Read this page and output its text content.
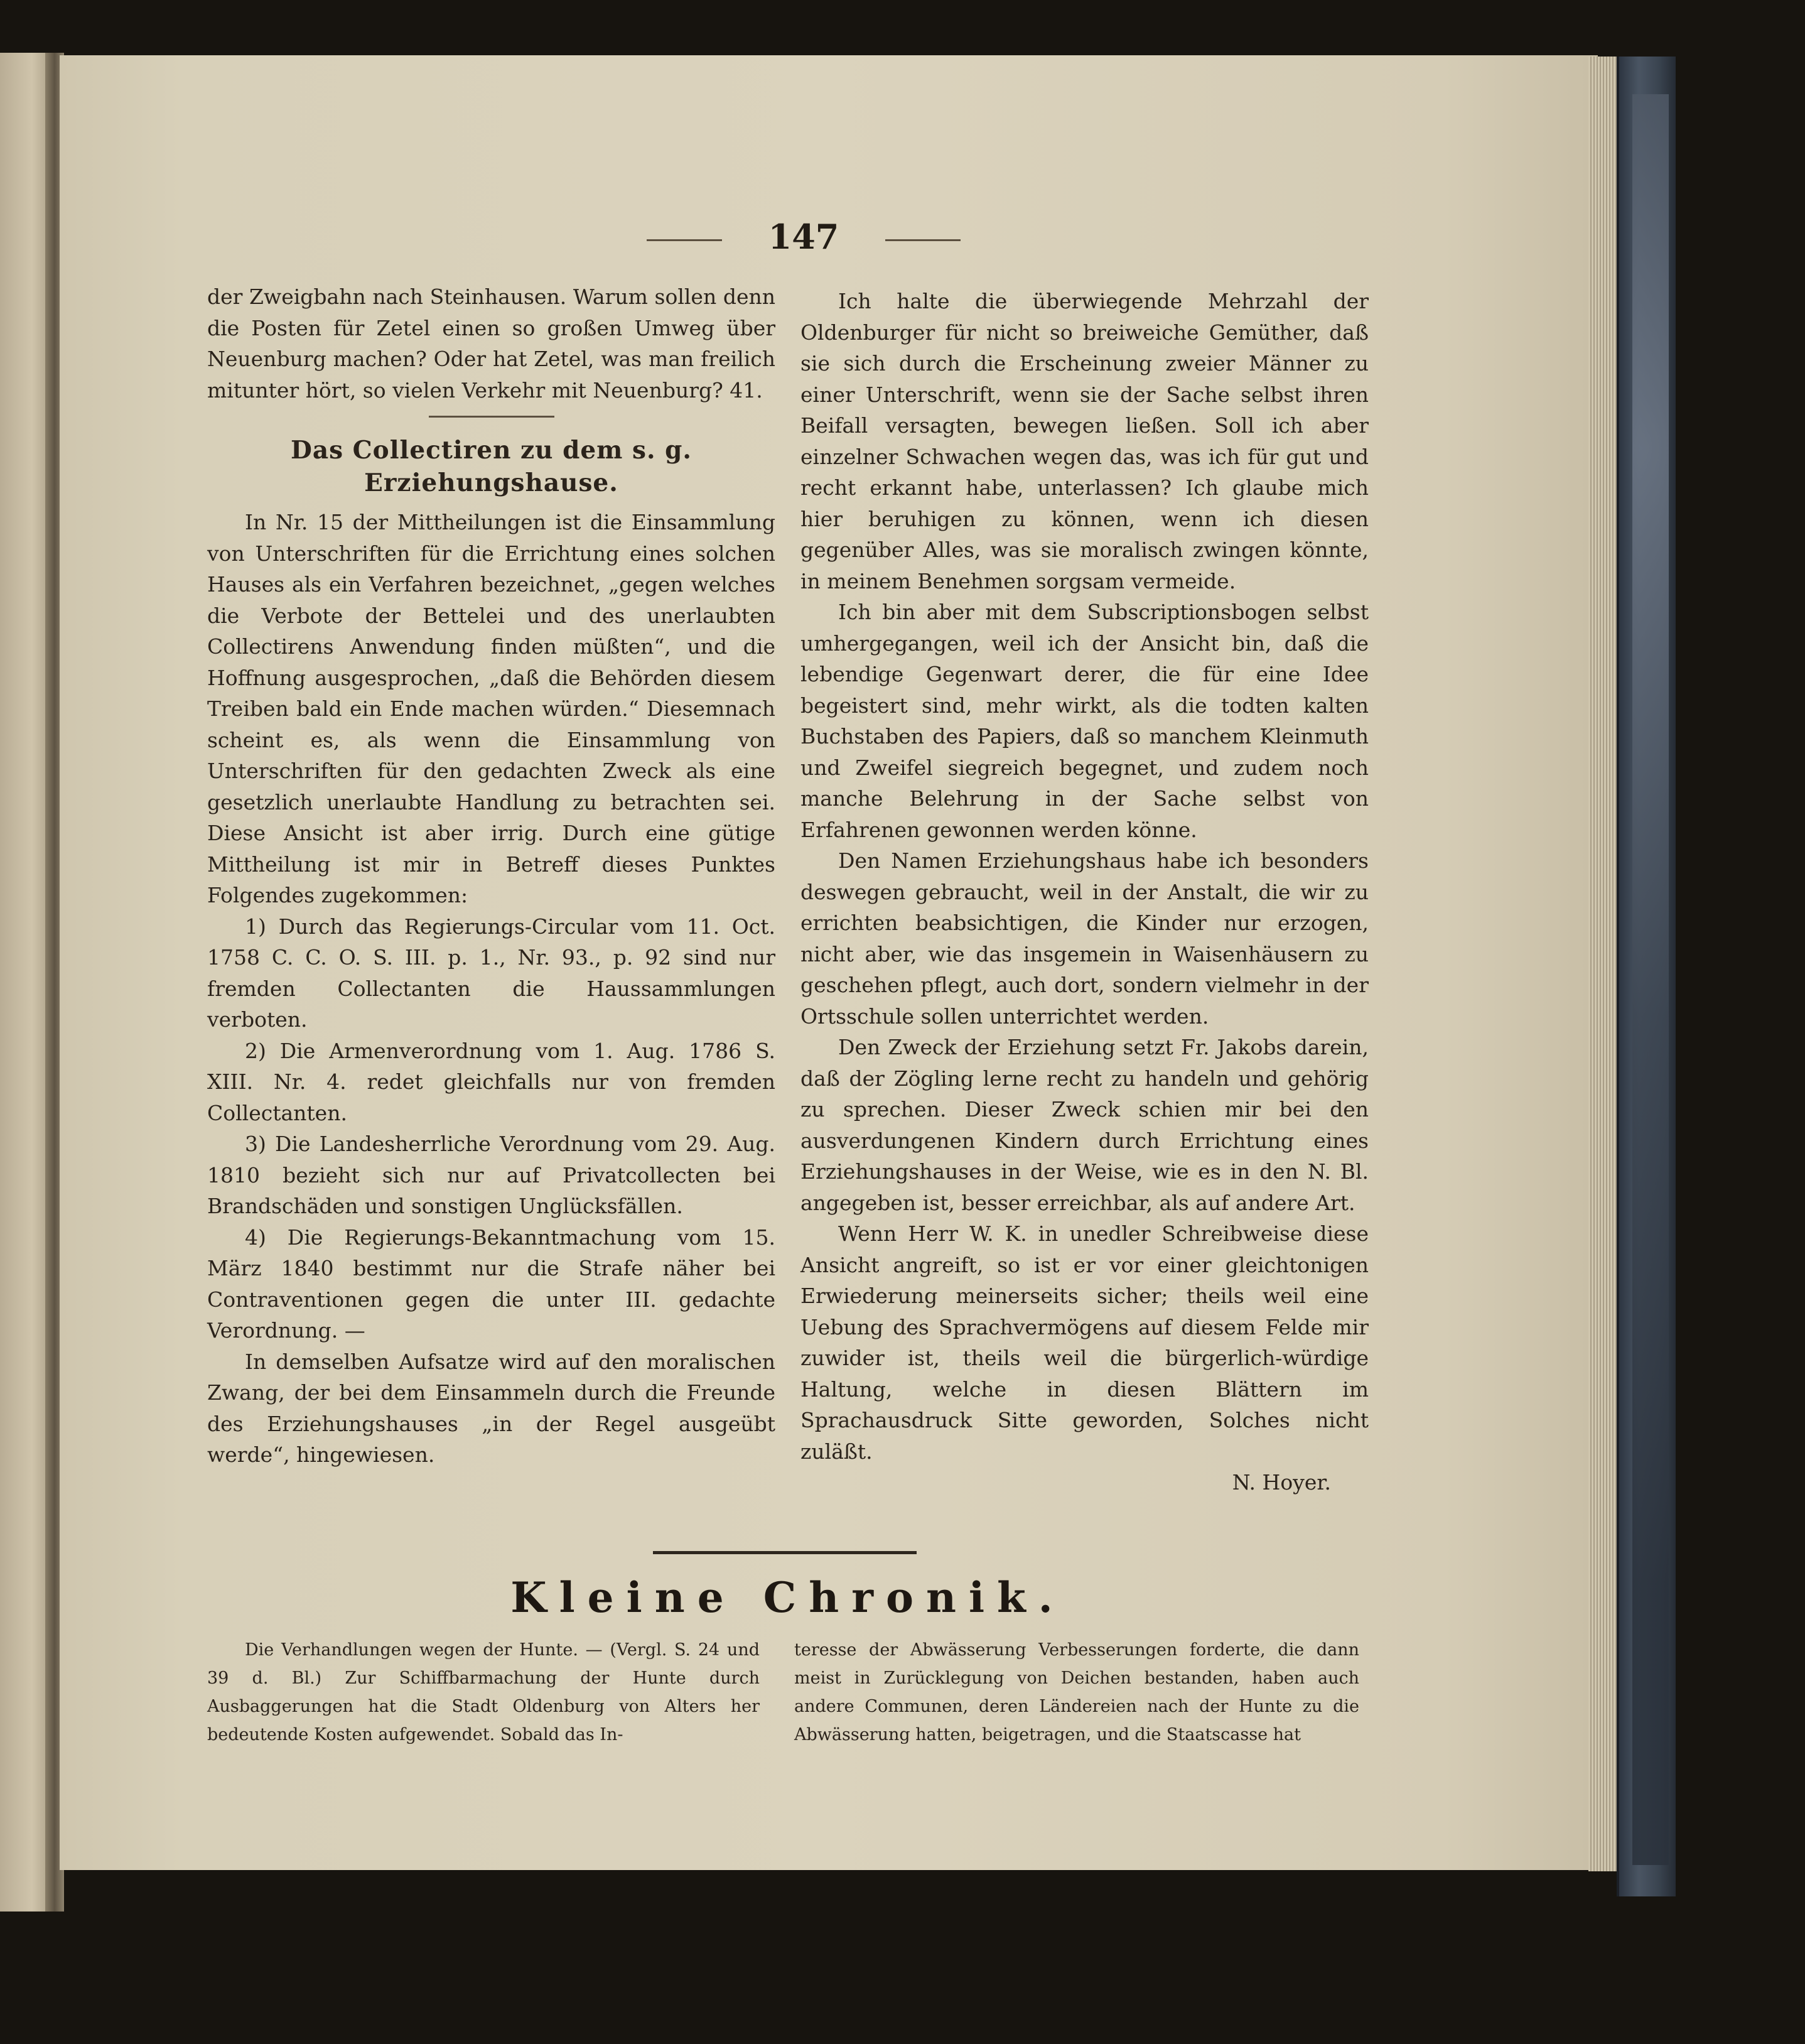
147

der Zweigbahn nach Steinhausen. Warum sollen denn die Posten für Zetel einen so großen Umweg über Neuenburg machen? Oder hat Zetel, was man freilich mitunter hört, so vielen Verkehr mit Neuenburg? 41.

Das Collectiren zu dem s. g. Erziehungshause.

In Nr. 15 der Mittheilungen ist die Einsammlung von Unterschriften für die Errichtung eines solchen Hauses als ein Verfahren bezeichnet, „gegen welches die Verbote der Bettelei und des unerlaubten Collectirens Anwendung finden müßten“, und die Hoffnung ausgesprochen, „daß die Behörden diesem Treiben bald ein Ende machen würden.“ Diesemnach scheint es, als wenn die Einsammlung von Unterschriften für den gedachten Zweck als eine gesetzlich unerlaubte Handlung zu betrachten sei. Diese Ansicht ist aber irrig. Durch eine gütige Mittheilung ist mir in Betreff dieses Punktes Folgendes zugekommen:

1) Durch das Regierungs-Circular vom 11. Oct. 1758 C. C. O. S. III. p. 1., Nr. 93., p. 92 sind nur fremden Collectanten die Haussammlungen verboten.

2) Die Armenverordnung vom 1. Aug. 1786 S. XIII. Nr. 4. redet gleichfalls nur von fremden Collectanten.

3) Die Landesherrliche Verordnung vom 29. Aug. 1810 bezieht sich nur auf Privatcollecten bei Brandschäden und sonstigen Unglücksfällen.

4) Die Regierungs-Bekanntmachung vom 15. März 1840 bestimmt nur die Strafe näher bei Contraventionen gegen die unter III. gedachte Verordnung. —

In demselben Aufsatze wird auf den moralischen Zwang, der bei dem Einsammeln durch die Freunde des Erziehungshauses „in der Regel ausgeübt werde“, hingewiesen.

Ich halte die überwiegende Mehrzahl der Oldenburger für nicht so breiweiche Gemüther, daß sie sich durch die Erscheinung zweier Männer zu einer Unterschrift, wenn sie der Sache selbst ihren Beifall versagten, bewegen ließen. Soll ich aber einzelner Schwachen wegen das, was ich für gut und recht erkannt habe, unterlassen? Ich glaube mich hier beruhigen zu können, wenn ich diesen gegenüber Alles, was sie moralisch zwingen könnte, in meinem Benehmen sorgsam vermeide.

Ich bin aber mit dem Subscriptionsbogen selbst umhergegangen, weil ich der Ansicht bin, daß die lebendige Gegenwart derer, die für eine Idee begeistert sind, mehr wirkt, als die todten kalten Buchstaben des Papiers, daß so manchem Kleinmuth und Zweifel siegreich begegnet, und zudem noch manche Belehrung in der Sache selbst von Erfahrenen gewonnen werden könne.

Den Namen Erziehungshaus habe ich besonders deswegen gebraucht, weil in der Anstalt, die wir zu errichten beabsichtigen, die Kinder nur erzogen, nicht aber, wie das insgemein in Waisenhäusern zu geschehen pflegt, auch dort, sondern vielmehr in der Ortsschule sollen unterrichtet werden.

Den Zweck der Erziehung setzt Fr. Jakobs darein, daß der Zögling lerne recht zu handeln und gehörig zu sprechen. Dieser Zweck schien mir bei den ausverdungenen Kindern durch Errichtung eines Erziehungshauses in der Weise, wie es in den N. Bl. angegeben ist, besser erreichbar, als auf andere Art.

Wenn Herr W. K. in unedler Schreibweise diese Ansicht angreift, so ist er vor einer gleichtonigen Erwiederung meinerseits sicher; theils weil eine Uebung des Sprachvermögens auf diesem Felde mir zuwider ist, theils weil die bürgerlich-würdige Haltung, welche in diesen Blättern im Sprachausdruck Sitte geworden, Solches nicht zuläßt.

N. Hoyer.

Kleine Chronik.

Die Verhandlungen wegen der Hunte. — (Vergl. S. 24 und 39 d. Bl.) Zur Schiffbarmachung der Hunte durch Ausbaggerungen hat die Stadt Oldenburg von Alters her bedeutende Kosten aufgewendet. Sobald das In-

teresse der Abwässerung Verbesserungen forderte, die dann meist in Zurücklegung von Deichen bestanden, haben auch andere Communen, deren Ländereien nach der Hunte zu die Abwässerung hatten, beigetragen, und die Staatscasse hat
